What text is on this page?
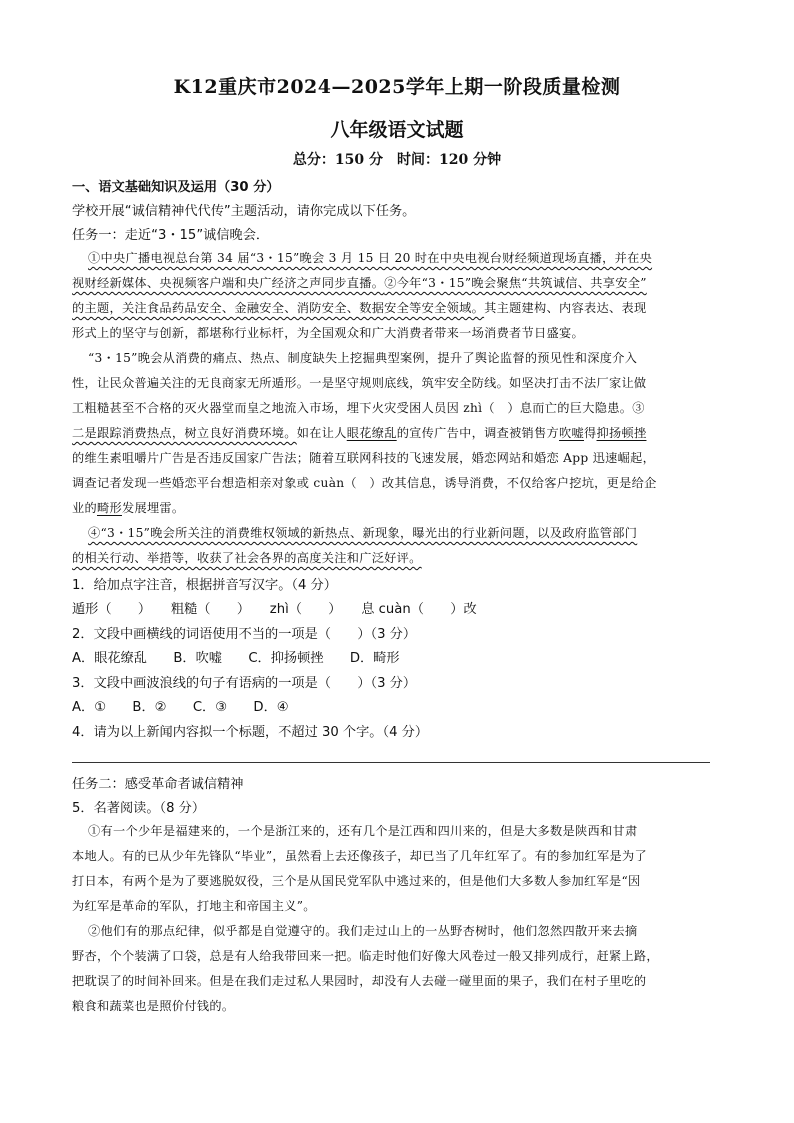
K12重庆市2024—2025学年上期一阶段质量检测
八年级语文试题
总分：150 分　时间：120 分钟
一、语文基础知识及运用（30 分）
学校开展“诚信精神代代传”主题活动，请你完成以下任务。
任务一：走近“3・15”诚信晚会．
①中央广播电视总台第 34 届“3・15”晚会 3 月 15 日 20 时在中央电视台财经频道现场直播，并在央
视财经新媒体、央视频客户端和央广经济之声同步直播。②今年“3・15”晚会聚焦“共筑诚信、共享安全”
的主题，关注食品药品安全、金融安全、消防安全、数据安全等安全领域。其主题建构、内容表达、表现
形式上的坚守与创新，都堪称行业标杆，为全国观众和广大消费者带来一场消费者节日盛宴。
“3・15”晚会从消费的痛点、热点、制度缺失上挖掘典型案例，提升了舆论监督的预见性和深度介入
性，让民众普遍关注的无良商家无所遁形。一是坚守规则底线，筑牢安全防线。如坚决打击不法厂家让做
工粗糙甚至不合格的灭火器堂而皇之地流入市场，埋下火灾受困人员因 zhì（　）息而亡的巨大隐患。③
二是跟踪消费热点，树立良好消费环境。如在让人眼花缭乱的宣传广告中，调查被销售方吹嘘得抑扬顿挫
的维生素咀嚼片广告是否违反国家广告法；随着互联网科技的飞速发展，婚恋网站和婚恋 App 迅速崛起，
调查记者发现一些婚恋平台想造相亲对象或 cuàn（　）改其信息，诱导消费，不仅给客户挖坑，更是给企
业的畸形发展埋雷。
④“3・15”晚会所关注的消费维权领域的新热点、新现象，曝光出的行业新问题，以及政府监管部门
的相关行动、举措等，收获了社会各界的高度关注和广泛好评。
1．给加点字注音，根据拼音写汉字。（4 分）
遁形（　　）　　粗糙（　　）　　zhì（　　）　　息 cuàn（　　）改
2．文段中画横线的词语使用不当的一项是（　　）（3 分）
A．眼花缭乱　　B．吹嘘　　C．抑扬顿挫　　D．畸形
3．文段中画波浪线的句子有语病的一项是（　　）（3 分）
A．①　　B．②　　C．③　　D．④
4．请为以上新闻内容拟一个标题，不超过 30 个字。（4 分）
任务二：感受革命者诚信精神
5．名著阅读。（8 分）
①有一个少年是福建来的，一个是浙江来的，还有几个是江西和四川来的，但是大多数是陕西和甘肃
本地人。有的已从少年先锋队“毕业”，虽然看上去还像孩子，却已当了几年红军了。有的参加红军是为了
打日本，有两个是为了要逃脱奴役，三个是从国民党军队中逃过来的，但是他们大多数人参加红军是“因
为红军是革命的军队，打地主和帝国主义”。
②他们有的那点纪律，似乎都是自觉遵守的。我们走过山上的一丛野杏树时，他们忽然四散开来去摘
野杏，个个装满了口袋，总是有人给我带回来一把。临走时他们好像大风卷过一般又排列成行，赶紧上路，
把耽误了的时间补回来。但是在我们走过私人果园时，却没有人去碰一碰里面的果子，我们在村子里吃的
粮食和蔬菜也是照价付钱的。
